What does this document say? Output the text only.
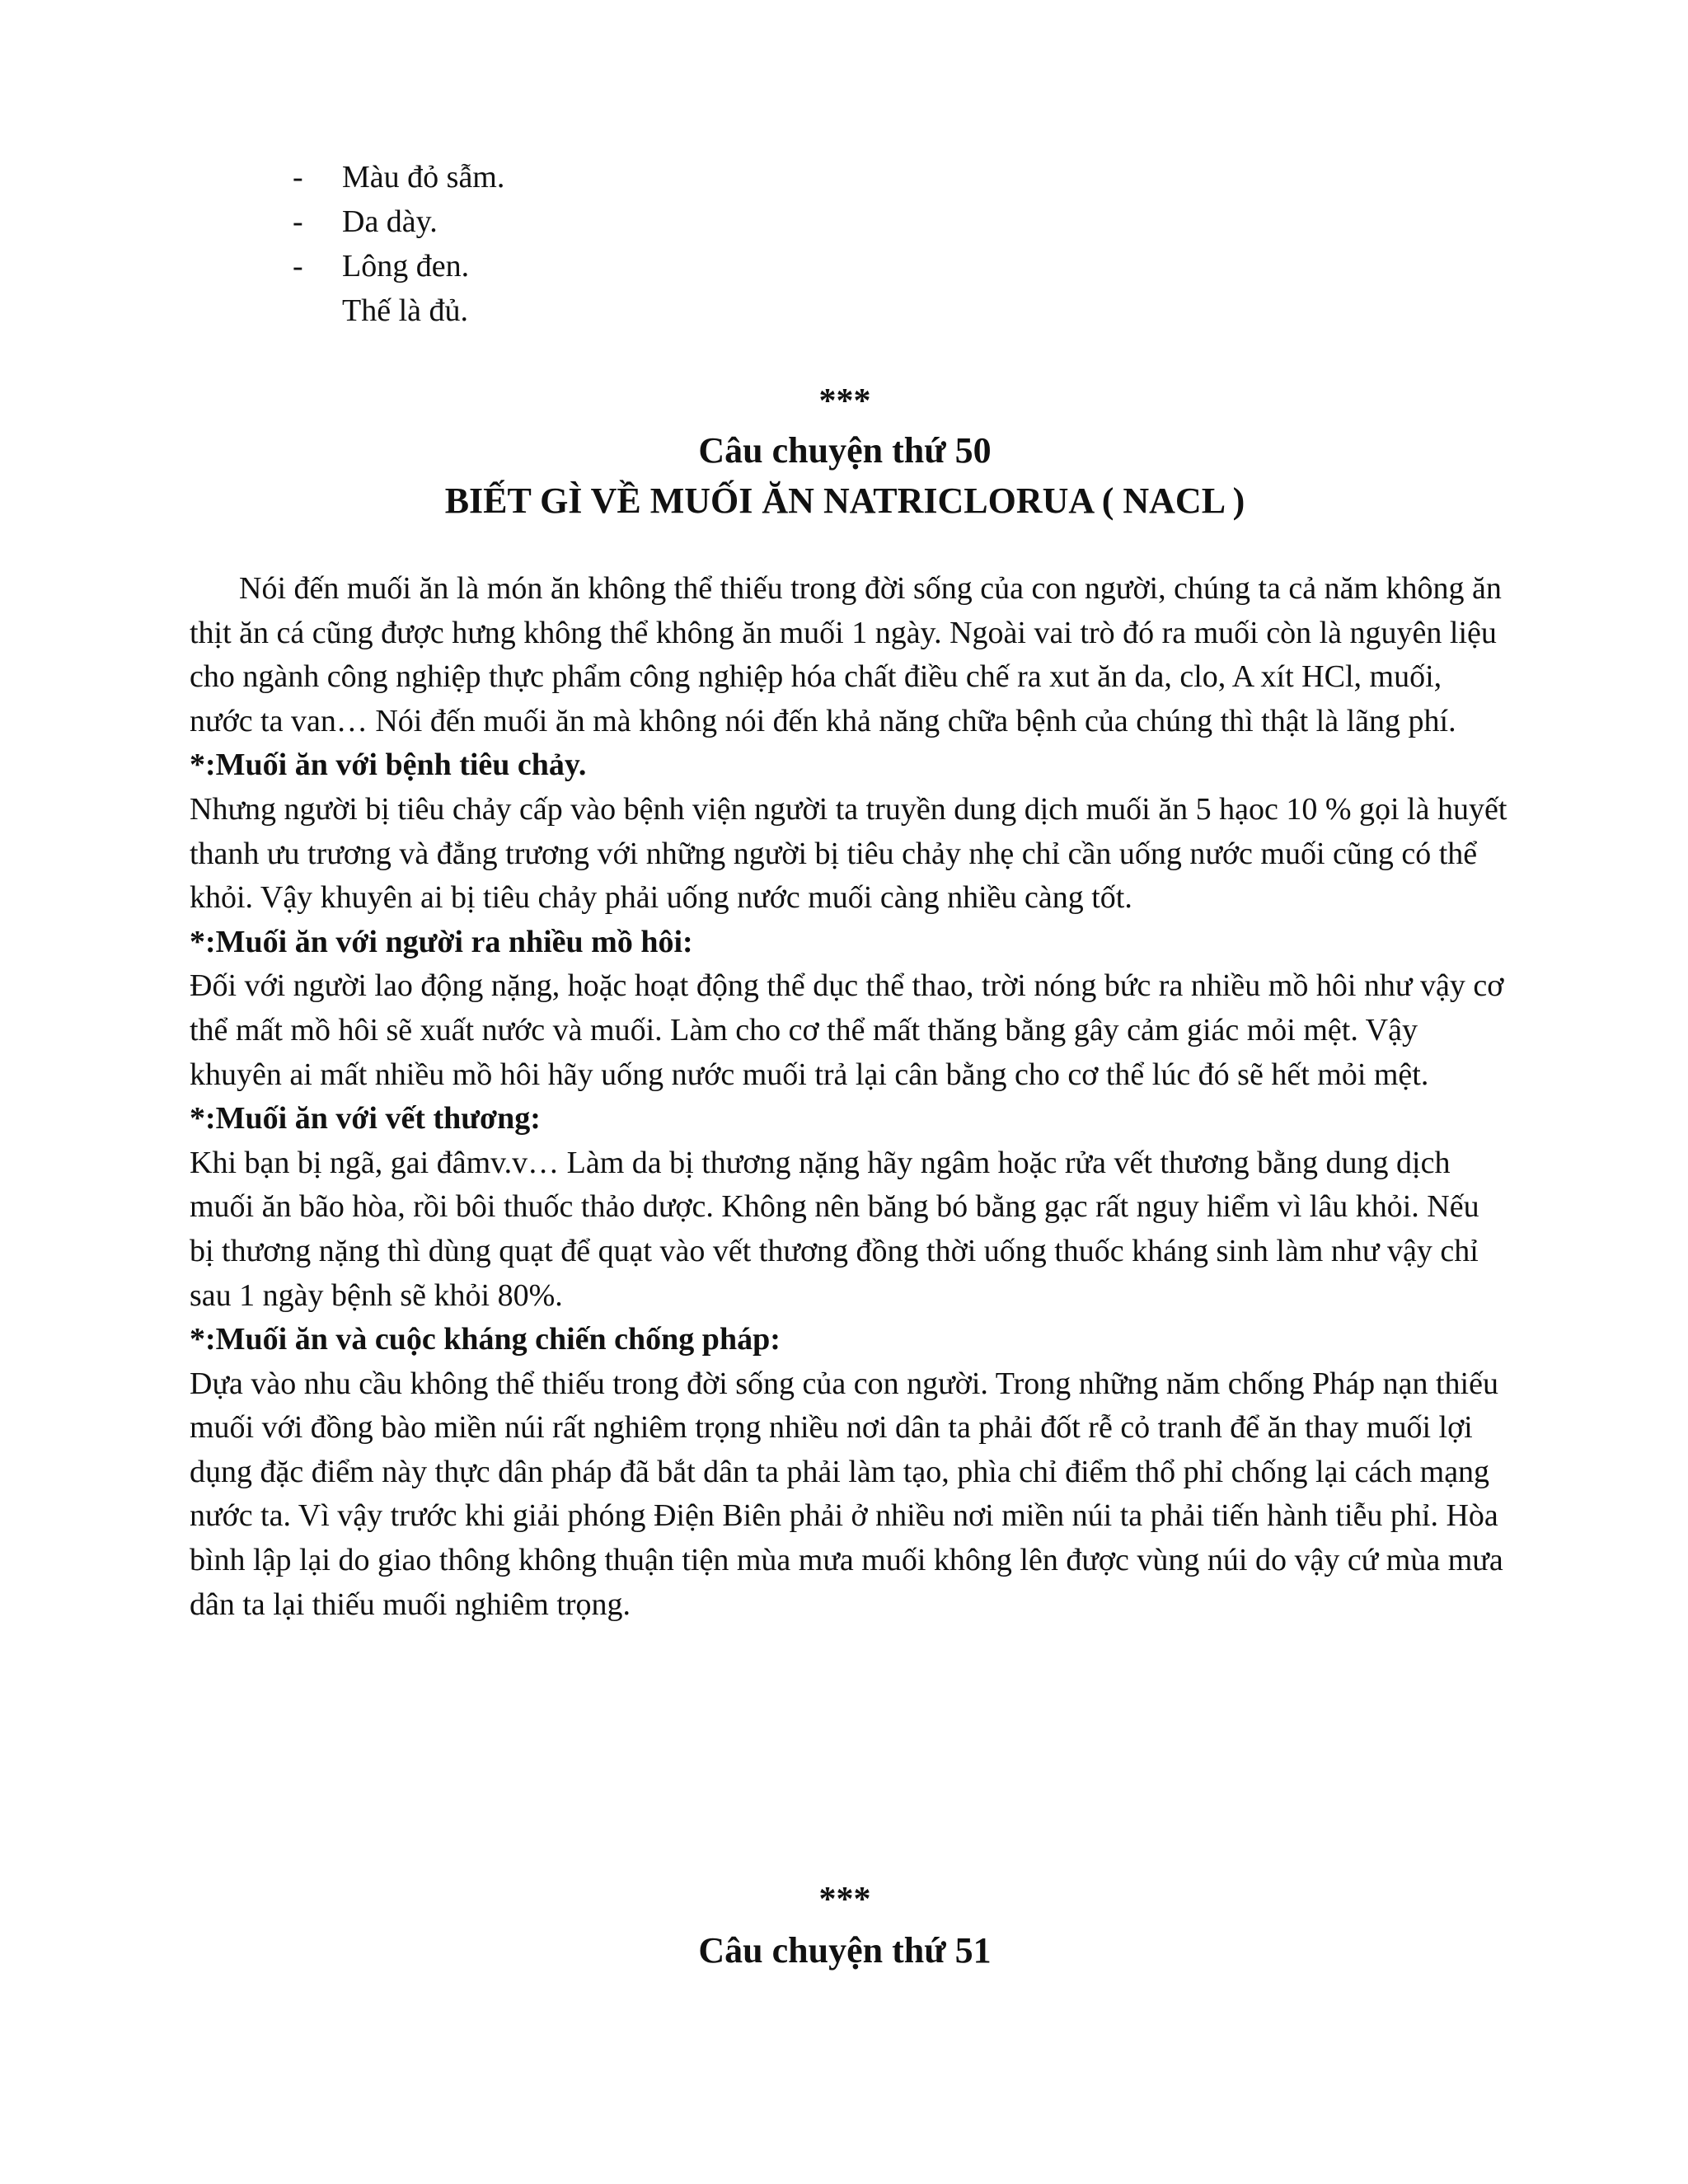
- Màu đỏ sẫm.
- Da dày.
- Lông đen.
Thế là đủ.
***
Câu chuyện thứ 50
BIẾT GÌ VỀ MUỐI ĂN NATRICLORUA ( NACL )

Nói đến muối ăn là món ăn không thể thiếu trong đời sống của con người, chúng ta cả năm không ăn thịt ăn cá cũng được hưng không thể không ăn muối 1 ngày. Ngoài vai trò đó ra muối còn là nguyên liệu cho ngành công nghiệp thực phẩm công nghiệp hóa chất điều chế ra xut ăn da, clo, A xít HCl, muối, nước ta van… Nói đến muối ăn mà không nói đến khả năng chữa bệnh của chúng thì thật là lãng phí.

*:Muối ăn với bệnh tiêu chảy.

Nhưng người bị tiêu chảy cấp vào bệnh viện người ta truyền dung dịch muối ăn 5 hạoc 10 % gọi là huyết thanh ưu trương và đẳng trương với những người bị tiêu chảy nhẹ chỉ cần uống nước muối cũng có thể khỏi. Vậy khuyên ai bị tiêu chảy phải uống nước muối càng nhiều càng tốt.

*:Muối ăn với người ra nhiều mồ hôi:

Đối với người lao động nặng, hoặc hoạt động thể dục thể thao, trời nóng bức ra nhiều mồ hôi như vậy cơ thể mất mồ hôi sẽ xuất nước và muối. Làm cho cơ thể mất thăng bằng gây cảm giác mỏi mệt. Vậy khuyên ai mất nhiều mồ hôi hãy uống nước muối trả lại cân bằng cho cơ thể lúc đó sẽ hết mỏi mệt.

*:Muối ăn với vết thương:

Khi bạn bị ngã, gai đâmv.v… Làm da bị thương nặng hãy ngâm hoặc rửa vết thương bằng dung dịch muối ăn bão hòa, rồi bôi thuốc thảo dược. Không nên băng bó bằng gạc rất nguy hiểm vì lâu khỏi. Nếu bị thương nặng thì dùng quạt để quạt vào vết thương đồng thời uống thuốc kháng sinh làm như vậy chỉ sau 1 ngày bệnh sẽ khỏi 80%.

*:Muối ăn và cuộc kháng chiến chống pháp:

Dựa vào nhu cầu không thể thiếu trong đời sống của con người. Trong những năm chống Pháp nạn thiếu muối với đồng bào miền núi rất nghiêm trọng nhiều nơi dân ta phải đốt rễ cỏ tranh để ăn thay muối lợi dụng đặc điểm này thực dân pháp đã bắt dân ta phải làm tạo, phìa chỉ điểm thổ phỉ chống lại cách mạng nước ta. Vì vậy trước khi giải phóng Điện Biên phải ở nhiều nơi miền núi ta phải tiến hành tiễu phỉ. Hòa bình lập lại do giao thông không thuận tiện mùa mưa muối không lên được vùng núi do vậy cứ mùa mưa dân ta lại thiếu muối nghiêm trọng.

***
Câu chuyện thứ 51
